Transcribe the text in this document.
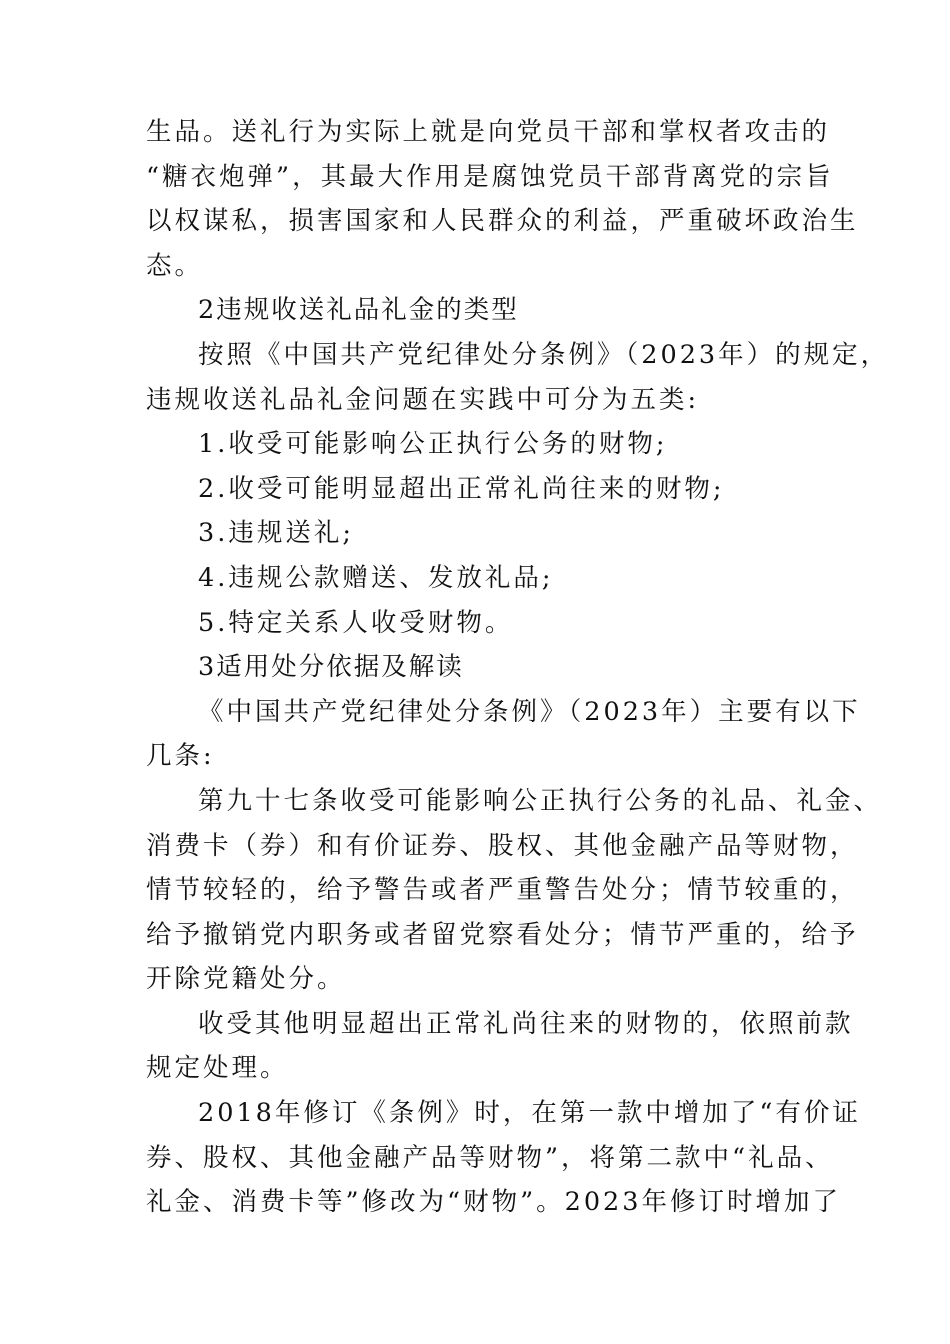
生品。送礼行为实际上就是向党员干部和掌权者攻击的
“糖衣炮弹”，其最大作用是腐蚀党员干部背离党的宗旨
以权谋私，损害国家和人民群众的利益，严重破坏政治生
态。
2违规收送礼品礼金的类型
按照《中国共产党纪律处分条例》（2023年）的规定，
违规收送礼品礼金问题在实践中可分为五类:
1.收受可能影响公正执行公务的财物;
2.收受可能明显超出正常礼尚往来的财物;
3.违规送礼;
4.违规公款赠送、发放礼品;
5.特定关系人收受财物。
3适用处分依据及解读
《中国共产党纪律处分条例》（2023年）主要有以下
几条:
第九十七条收受可能影响公正执行公务的礼品、礼金、
消费卡（券）和有价证券、股权、其他金融产品等财物，
情节较轻的，给予警告或者严重警告处分；情节较重的，
给予撤销党内职务或者留党察看处分；情节严重的，给予
开除党籍处分。
收受其他明显超出正常礼尚往来的财物的，依照前款
规定处理。
2018年修订《条例》时，在第一款中增加了“有价证
券、股权、其他金融产品等财物”，将第二款中“礼品、
礼金、消费卡等”修改为“财物”。2023年修订时增加了
